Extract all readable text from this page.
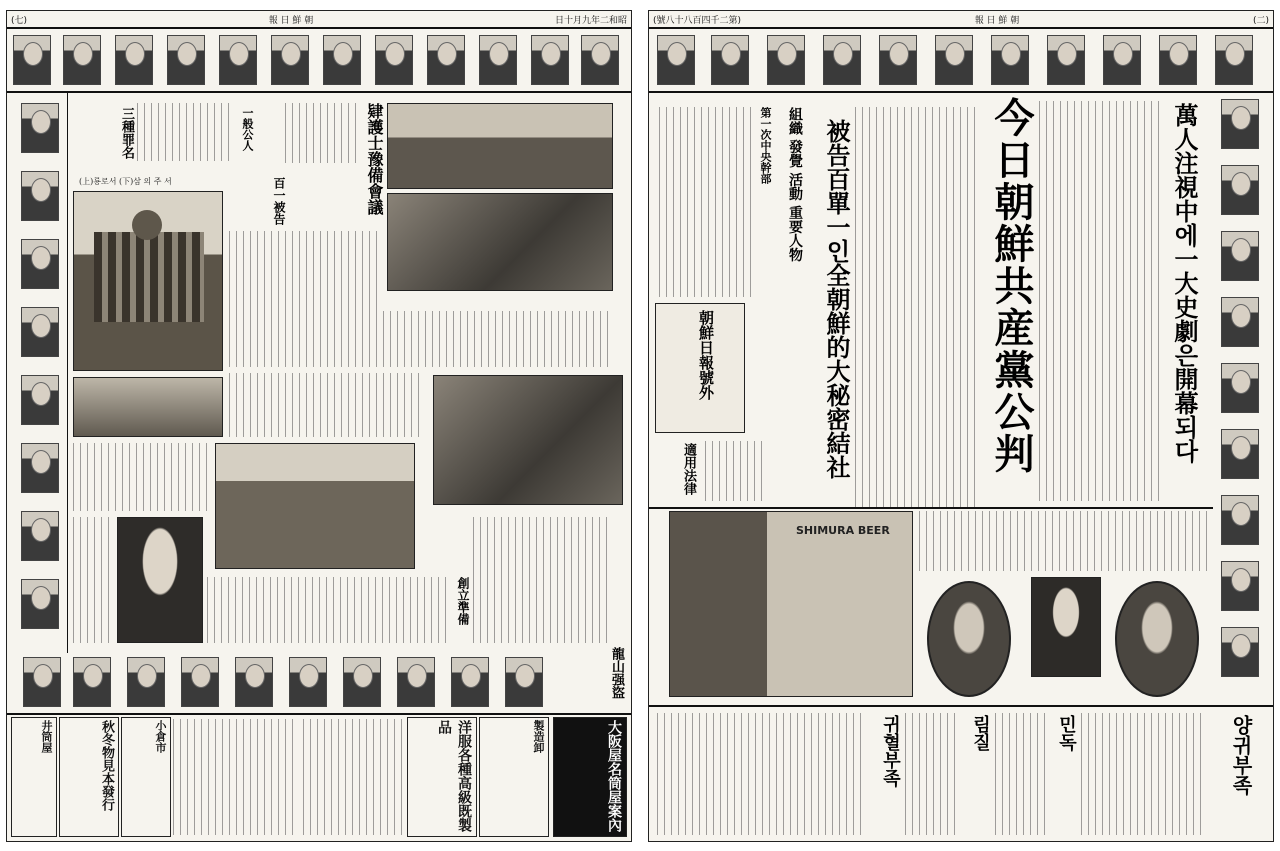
(七)	報 日 鮮 朝	日十月九年二和昭
肄護士豫備會議
百一被告
三種罪名	一般公人
(上)룡로서 (下)삼 의 주 서
創立準備
龍山强盜
井筒屋	秋冬物見本發行	小倉市	洋服各種高級既製品	製造卸	大阪屋名筒屋案內
(號八十八百四千二第)	報 日 鮮 朝	(二)
萬人注視中에一大史劇은開幕되다
今日朝鮮共産黨公判
被告百單一인全朝鮮的大秘密結社
組織 發覺 活動 重要人物
第一次中央幹部
適用法律
朝鮮日報號外
SHIMURA BEER
귀혈부족	림질	민독	양귀부족
